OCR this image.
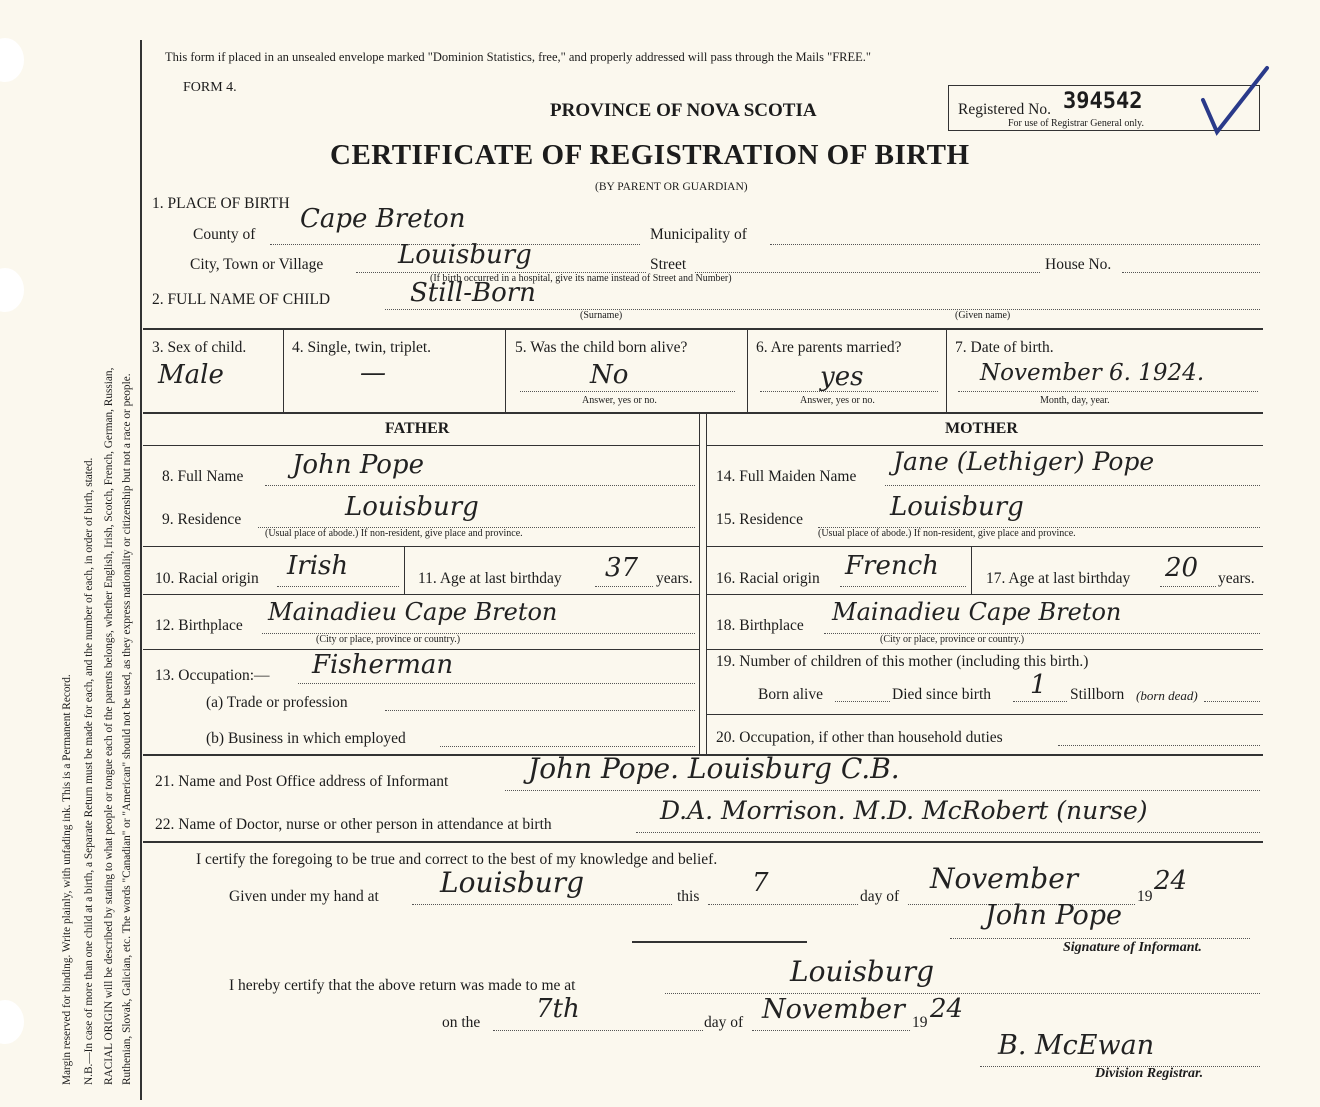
Margin reserved for binding. Write plainly, with unfading ink. This is a Permanent Record. N.B.—In case of more than one child at a birth, a Separate Return must be made for each, and the number of each, in order of birth, stated. RACIAL ORIGIN will be described by stating to what people or tongue each of the parents belongs, whether English, Irish, Scotch, French, German, Russian, Ruthenian, Slovak, Galician, etc. The words "Canadian" or "American" should not be used, as they express nationality or citizenship but not a race or people.
This form if placed in an unsealed envelope marked "Dominion Statistics, free," and properly addressed will pass through the Mails "FREE."
FORM 4.
PROVINCE OF NOVA SCOTIA	Registered No. 394542
For use of Registrar General only.
CERTIFICATE OF REGISTRATION OF BIRTH
(BY PARENT OR GUARDIAN)
1. PLACE OF BIRTH
County of
Cape Breton
Municipality of
City, Town or Village	Louisburg	Street	House No.
(If birth occurred in a hospital, give its name instead of Street and Number)
2. FULL NAME OF CHILD	Still-Born
(Surname)	(Given name)
3. Sex of child.
Male
4. Single, twin, triplet.
—
5. Was the child born alive?
No
Answer, yes or no.
6. Are parents married?
yes
Answer, yes or no.
7. Date of birth.
November 6. 1924.
Month, day, year.
FATHER	MOTHER
8. Full Name John Pope
9. Residence	Louisburg
(Usual place of abode.) If non-resident, give place and province.
10. Racial origin Irish	11. Age at last birthday 37 years.
12. Birthplace Mainadieu Cape Breton
(City or place, province or country.)
13. Occupation:— Fisherman
(a) Trade or profession
(b) Business in which employed
14. Full Maiden Name
Jane (Lethiger) Pope
15. Residence	Louisburg
(Usual place of abode.) If non-resident, give place and province.
16. Racial origin French	17. Age at last birthday 20 years.
18. Birthplace Mainadieu Cape Breton
(City or place, province or country.)
19. Number of children of this mother (including this birth.)
Born alive	Died since birth 1 Stillborn (born dead)
20. Occupation, if other than household duties
21. Name and Post Office address of Informant	John Pope. Louisburg C.B.
22. Name of Doctor, nurse or other person in attendance at birth	D.A. Morrison. M.D. McRobert (nurse)
I certify the foregoing to be true and correct to the best of my knowledge and belief.
Given under my hand at Louisburg	this 7	day of
November
19
24
John Pope
Signature of Informant.
I hereby certify that the above return was made to me at	Louisburg
on the 7th	day of November 19 24
B. McEwan
Division Registrar.
